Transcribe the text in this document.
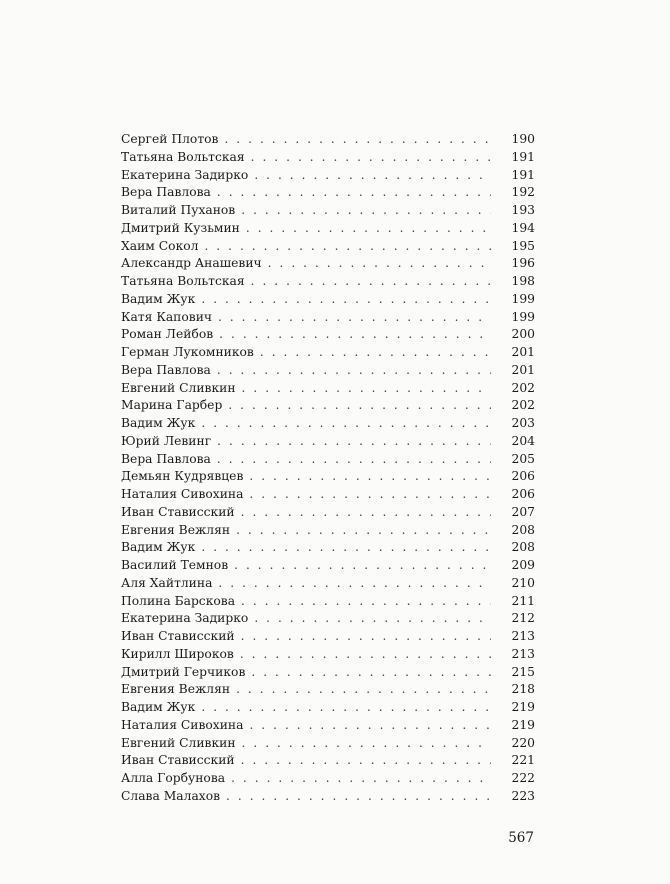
Сергей Плотов . . .	190
Татьяна Вольтская . . .	191
Екатерина Задирко . . .	191
Вера Павлова . . .	192
Виталий Пуханов . . .	193
Дмитрий Кузьмин . . .	194
Хаим Сокол . . .	195
Александр Анашевич . . .	196
Татьяна Вольтская . . .	198
Вадим Жук . . .	199
Катя Капович . . .	199
Роман Лейбов . . .	200
Герман Лукомников . . .	201
Вера Павлова . . .	201
Евгений Сливкин . . .	202
Марина Гарбер . . .	202
Вадим Жук . . .	203
Юрий Левинг . . .	204
Вера Павлова . . .	205
Демьян Кудрявцев . . .	206
Наталия Сивохина . . .	206
Иван Стависский . . .	207
Евгения Вежлян . . .	208
Вадим Жук . . .	208
Василий Темнов . . .	209
Аля Хайтлина . . .	210
Полина Барскова . . .	211
Екатерина Задирко . . .	212
Иван Стависский . . .	213
Кирилл Широков . . .	213
Дмитрий Герчиков . . .	215
Евгения Вежлян . . .	218
Вадим Жук . . .	219
Наталия Сивохина . . .	219
Евгений Сливкин . . .	220
Иван Стависский . . .	221
Алла Горбунова . . .	222
Слава Малахов . . .	223
567
